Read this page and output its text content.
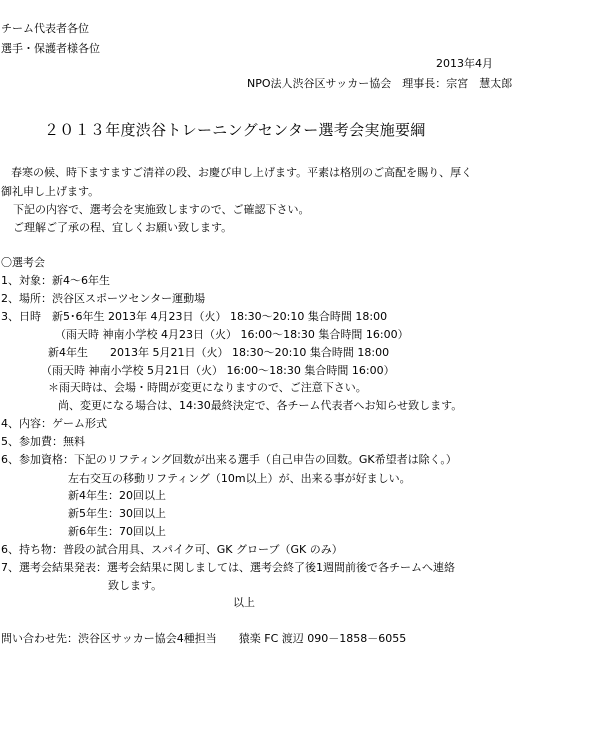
チーム代表者各位
選手・保護者様各位
2013年4月
NPO法人渋谷区サッカー協会　理事長：宗宮　慧太郎
２０１３年度渋谷トレーニングセンター選考会実施要綱
春寒の候、時下ますますご清祥の段、お慶び申し上げます。平素は格別のご高配を賜り、厚く
御礼申し上げます。
下記の内容で、選考会を実施致しますので、ご確認下さい。
ご理解ご了承の程、宜しくお願い致します。
〇選考会
1、対象：新4～6年生
2、場所：渋谷区スポーツセンター運動場
3、日時　新5･6年生 2013年 4月23日（火） 18:30～20:10 集合時間 18:00
（雨天時 神南小学校 4月23日（火） 16:00～18:30 集合時間 16:00）
新4年生　　2013年 5月21日（火） 18:30～20:10 集合時間 18:00
（雨天時 神南小学校 5月21日（火） 16:00～18:30 集合時間 16:00）
＊雨天時は、会場・時間が変更になりますので、ご注意下さい。
尚、変更になる場合は、14:30最終決定で、各チーム代表者へお知らせ致します。
4、内容：ゲーム形式
5、参加費：無料
6、参加資格：下記のリフティング回数が出来る選手（自己申告の回数。GK希望者は除く。）
左右交互の移動リフティング（10m以上）が、出来る事が好ましい。
新4年生：20回以上
新5年生：30回以上
新6年生：70回以上
6、持ち物：普段の試合用具、スパイク可、GK グローブ（GK のみ）
7、選考会結果発表：選考会結果に関しましては、選考会終了後1週間前後で各チームへ連絡
致します。
以上
問い合わせ先：渋谷区サッカー協会4種担当　　猿楽 FC 渡辺 090－1858－6055
